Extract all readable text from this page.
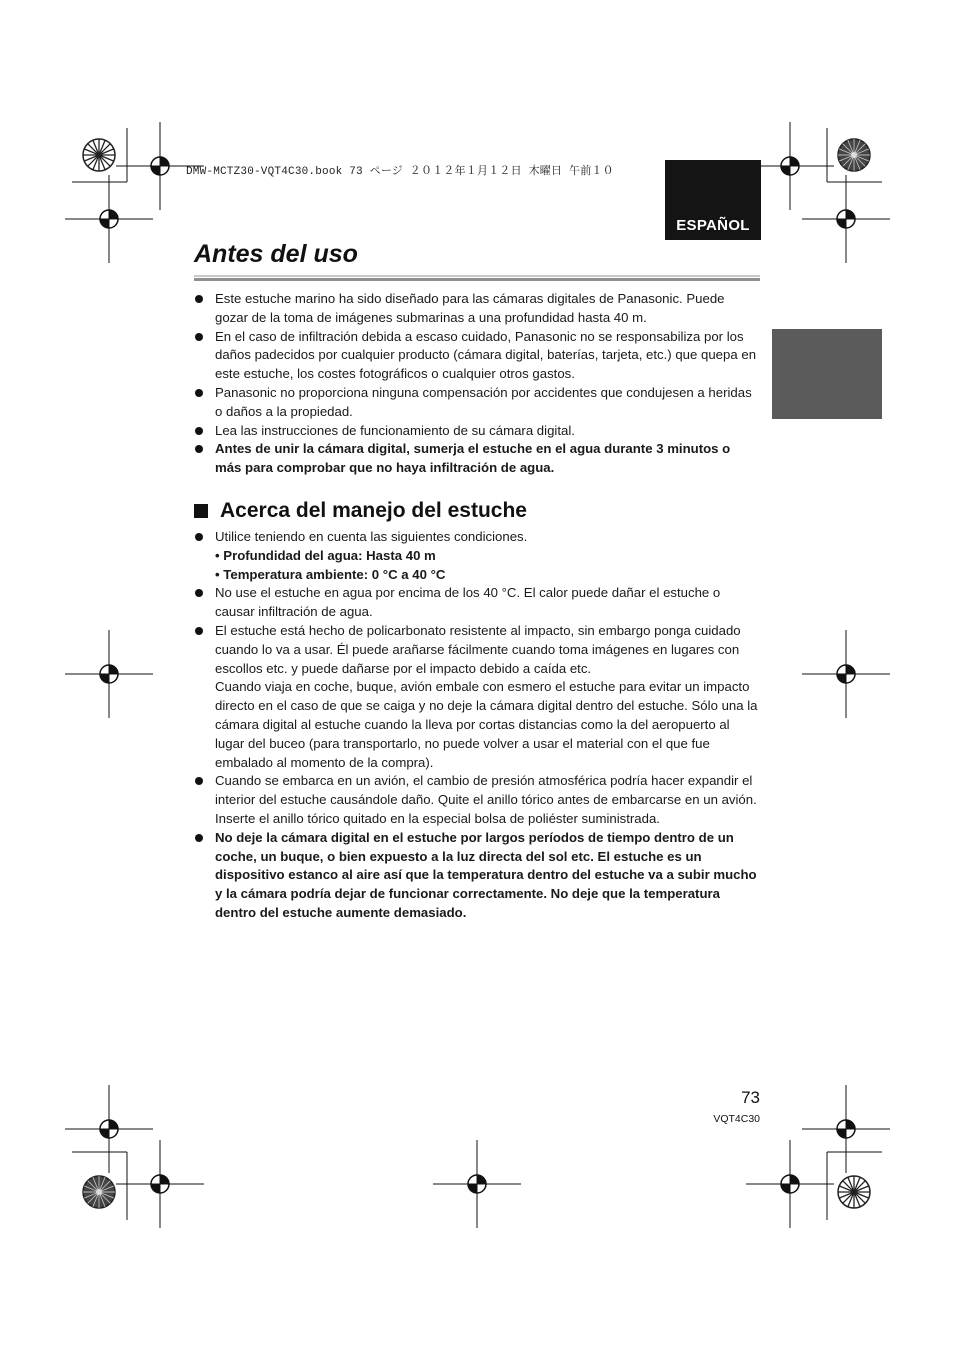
DMW-MCTZ30-VQT4C30.book 73 ページ ２０１２年１月１２日 木曜日 午前１０
ESPAÑOL
Antes del uso
Este estuche marino ha sido diseñado para las cámaras digitales de Panasonic. Puede gozar de la toma de imágenes submarinas a una profundidad hasta 40 m.
En el caso de infiltración debida a escaso cuidado, Panasonic no se responsabiliza por los daños padecidos por cualquier producto (cámara digital, baterías, tarjeta, etc.) que quepa en este estuche, los costes fotográficos o cualquier otros gastos.
Panasonic no proporciona ninguna compensación por accidentes que condujesen a heridas o daños a la propiedad.
Lea las instrucciones de funcionamiento de su cámara digital.
Antes de unir la cámara digital, sumerja el estuche en el agua durante 3 minutos o más para comprobar que no haya infiltración de agua.
Acerca del manejo del estuche
Utilice teniendo en cuenta las siguientes condiciones.
• Profundidad del agua: Hasta 40 m
• Temperatura ambiente: 0 °C a 40 °C
No use el estuche en agua por encima de los 40 °C. El calor puede dañar el estuche o causar infiltración de agua.
El estuche está hecho de policarbonato resistente al impacto, sin embargo ponga cuidado cuando lo va a usar. Él puede arañarse fácilmente cuando toma imágenes en lugares con escollos etc. y puede dañarse por el impacto debido a caída etc.
Cuando viaja en coche, buque, avión embale con esmero el estuche para evitar un impacto directo en el caso de que se caiga y no deje la cámara digital dentro del estuche. Sólo una la cámara digital al estuche cuando la lleva por cortas distancias como la del aeropuerto al lugar del buceo (para transportarlo, no puede volver a usar el material con el que fue embalado al momento de la compra).
Cuando se embarca en un avión, el cambio de presión atmosférica podría hacer expandir el interior del estuche causándole daño. Quite el anillo tórico antes de embarcarse en un avión.
Inserte el anillo tórico quitado en la especial bolsa de poliéster suministrada.
No deje la cámara digital en el estuche por largos períodos de tiempo dentro de un coche, un buque, o bien expuesto a la luz directa del sol etc. El estuche es un dispositivo estanco al aire así que la temperatura dentro del estuche va a subir mucho y la cámara podría dejar de funcionar correctamente. No deje que la temperatura dentro del estuche aumente demasiado.
73
VQT4C30
